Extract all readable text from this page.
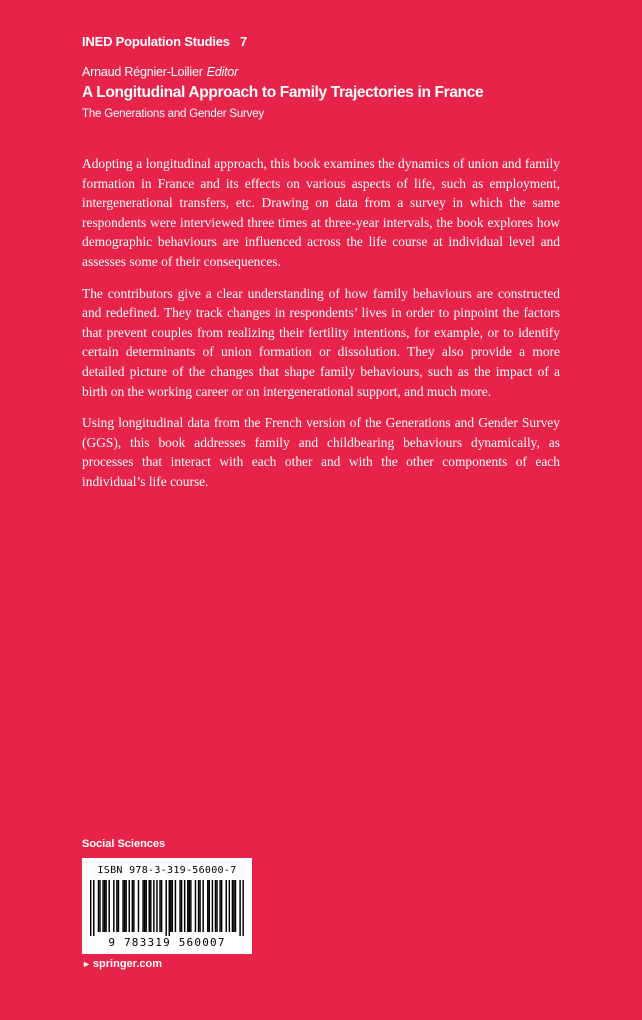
INED Population Studies   7
Arnaud Régnier-Loilier Editor
A Longitudinal Approach to Family Trajectories in France
The Generations and Gender Survey

Adopting a longitudinal approach, this book examines the dynamics of union and family formation in France and its effects on various aspects of life, such as employment, intergenerational transfers, etc. Drawing on data from a survey in which the same respondents were interviewed three times at three-year intervals, the book explores how demographic behaviours are influenced across the life course at individual level and assesses some of their consequences.

The contributors give a clear understanding of how family behaviours are constructed and redefined. They track changes in respondents’ lives in order to pinpoint the factors that prevent couples from realizing their fertility intentions, for example, or to identify certain determinants of union formation or dissolution. They also provide a more detailed picture of the changes that shape family behaviours, such as the impact of a birth on the working career or on intergenerational support, and much more.

Using longitudinal data from the French version of the Generations and Gender Survey (GGS), this book addresses family and childbearing behaviours dynamically, as processes that interact with each other and with the other components of each individual’s life course.

Social Sciences
ISBN 978-3-319-56000-7
9 783319 560007
► springer.com
